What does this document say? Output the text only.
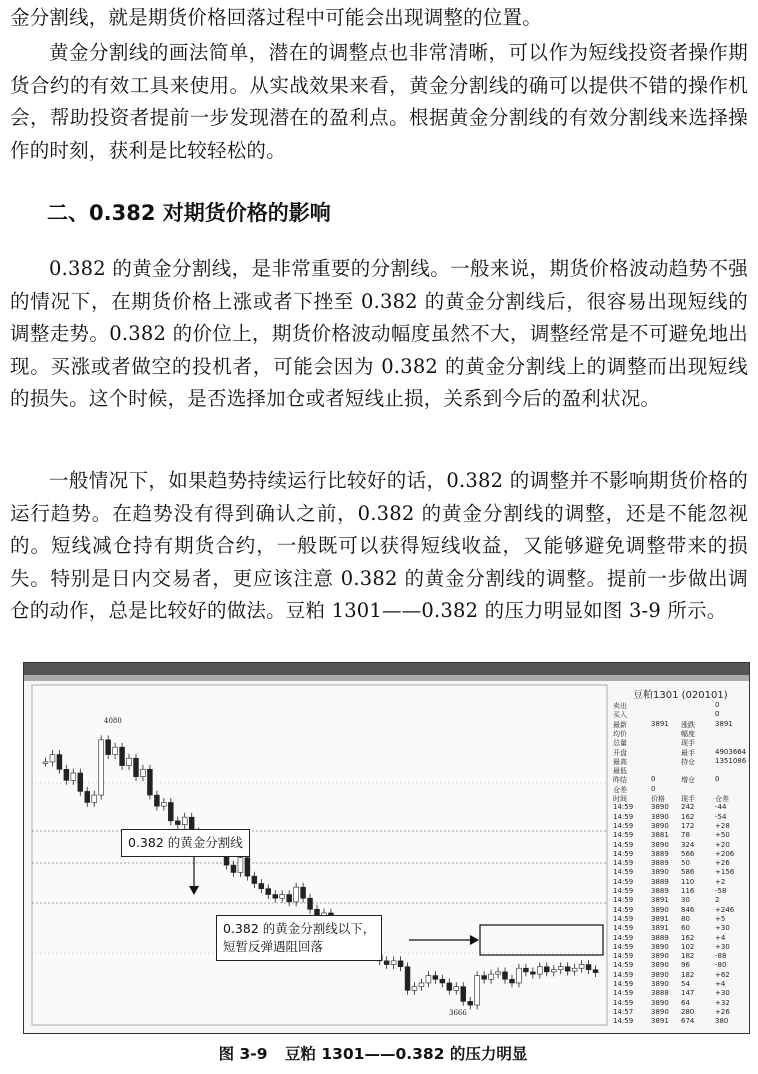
金分割线，就是期货价格回落过程中可能会出现调整的位置。
黄金分割线的画法简单，潜在的调整点也非常清晰，可以作为短线投资者操作期货合约的有效工具来使用。从实战效果来看，黄金分割线的确可以提供不错的操作机会，帮助投资者提前一步发现潜在的盈利点。根据黄金分割线的有效分割线来选择操作的时刻，获利是比较轻松的。
二、0.382 对期货价格的影响
0.382 的黄金分割线，是非常重要的分割线。一般来说，期货价格波动趋势不强的情况下，在期货价格上涨或者下挫至 0.382 的黄金分割线后，很容易出现短线的调整走势。0.382 的价位上，期货价格波动幅度虽然不大，调整经常是不可避免地出现。买涨或者做空的投机者，可能会因为 0.382 的黄金分割线上的调整而出现短线的损失。这个时候，是否选择加仓或者短线止损，关系到今后的盈利状况。
一般情况下，如果趋势持续运行比较好的话，0.382 的调整并不影响期货价格的运行趋势。在趋势没有得到确认之前，0.382 的黄金分割线的调整，还是不能忽视的。短线减仓持有期货合约，一般既可以获得短线收益，又能够避免调整带来的损失。特别是日内交易者，更应该注意 0.382 的黄金分割线的调整。提前一步做出调仓的动作，总是比较好的做法。豆粕 1301——0.382 的压力明显如图 3-9 所示。
4080
3666
0.382 的黄金分割线
0.382 的黄金分割线以下，
短暂反弹遇阻回落
豆粕1301 (020101)
卖出	0
买入	0
最新	3891 涨跌	3891
均价	幅度
总量	现手
开盘	最手	4903664
最高	持仓	1351086
最低
昨结	0	增仓	0
仓差	0
时间	价格 现手	仓差
14:59	3890 242	-44
14:59	3890 162	-54
14:59	3890 172	+28
14:59	3881 78	+50
14:59	3890 324	+20
14:59	3889 566	+206
14:59	3889 50	+26
14:59	3890 586	+156
14:59	3889 110	+2
14:59	3889 116	-58
14:59	3891 30	2
14:59	3890 846	+246
14:59	3891 80	+5
14:59	3891 60	+30
14:59	3889 162	+4
14:59	3890 102	+30
14:59	3890 182	-88
14:59	3890 96	-80
14:59	3890 182	+62
14:59	3890 54	+4
14:59	3888 147	+30
14:59	3890 64	+32
14:57	3890 280	+26
14:59	3891 674	380
图 3-9 豆粕 1301——0.382 的压力明显
